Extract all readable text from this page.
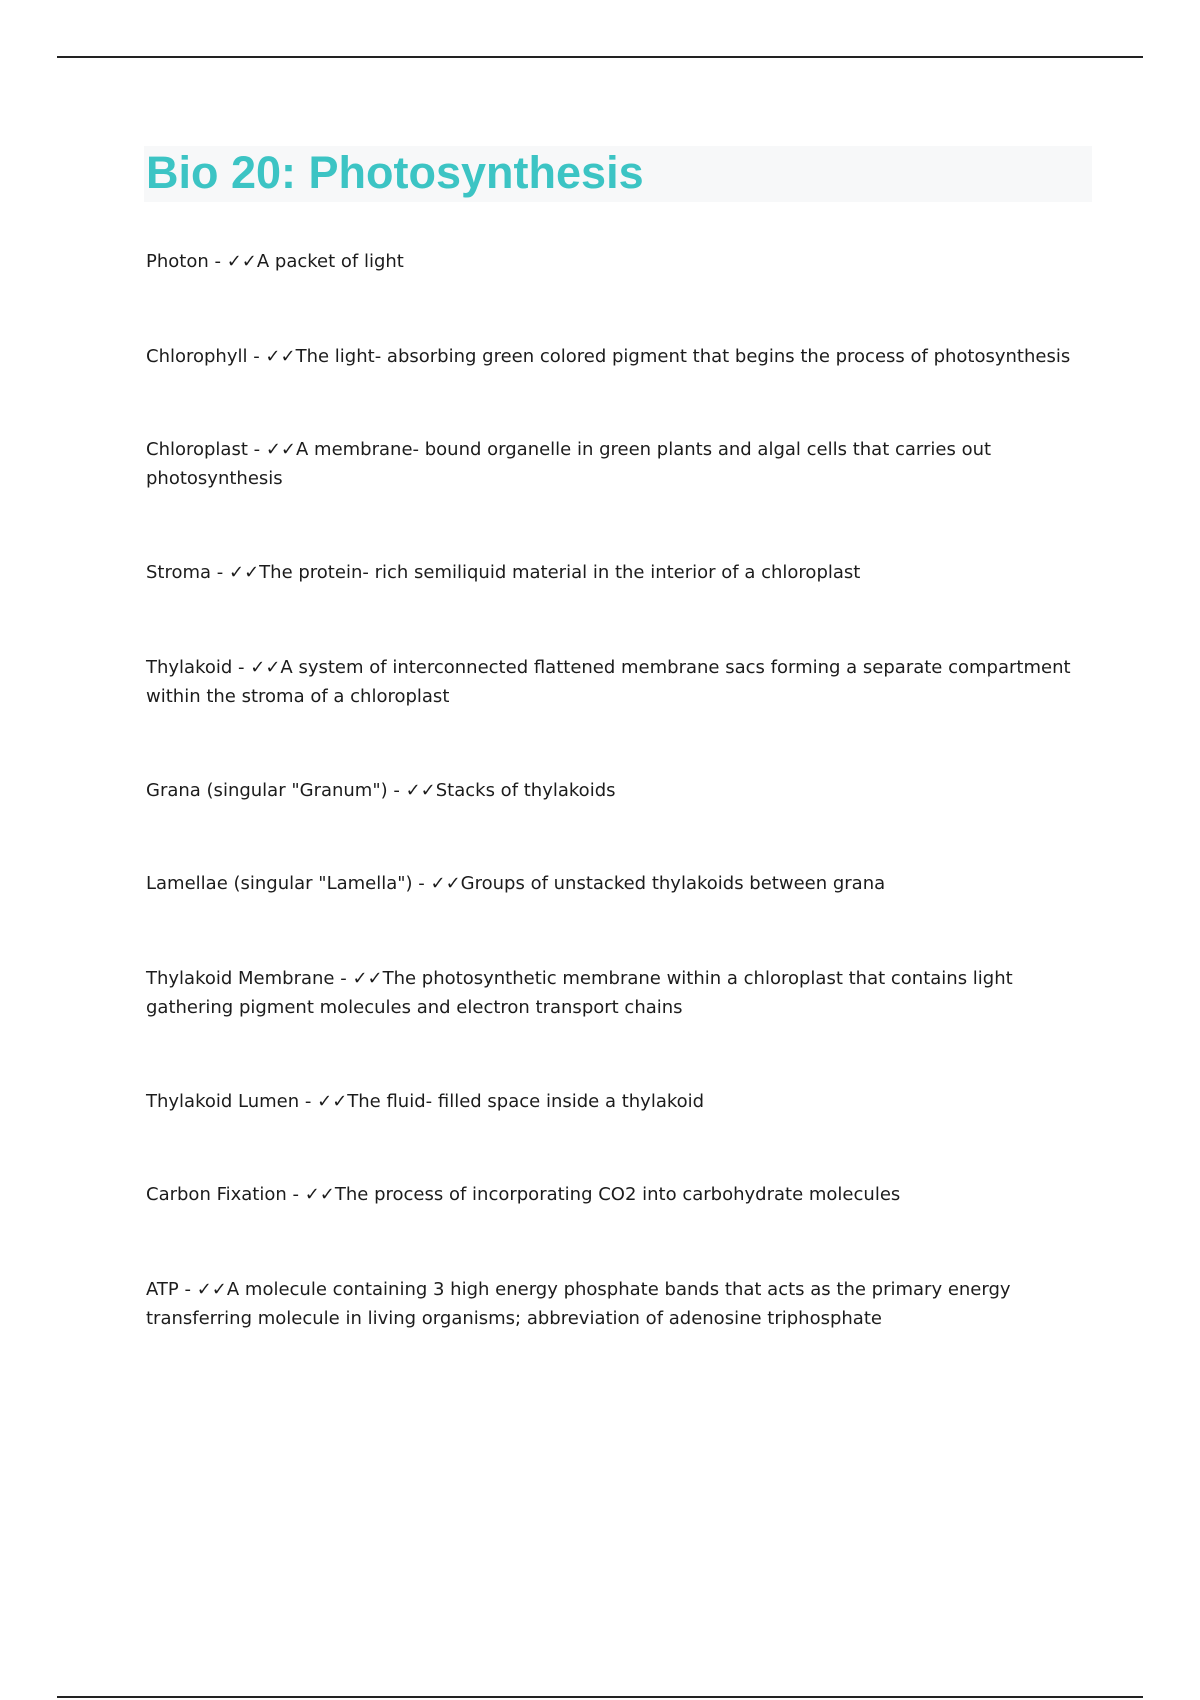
Bio 20: Photosynthesis

Photon - ✓✓A packet of light

Chlorophyll - ✓✓The light- absorbing green colored pigment that begins the process of photosynthesis

Chloroplast - ✓✓A membrane- bound organelle in green plants and algal cells that carries out photosynthesis

Stroma - ✓✓The protein- rich semiliquid material in the interior of a chloroplast

Thylakoid - ✓✓A system of interconnected flattened membrane sacs forming a separate compartment within the stroma of a chloroplast

Grana (singular "Granum") - ✓✓Stacks of thylakoids

Lamellae (singular "Lamella") - ✓✓Groups of unstacked thylakoids between grana

Thylakoid Membrane - ✓✓The photosynthetic membrane within a chloroplast that contains light gathering pigment molecules and electron transport chains

Thylakoid Lumen - ✓✓The fluid- filled space inside a thylakoid

Carbon Fixation - ✓✓The process of incorporating CO2 into carbohydrate molecules

ATP - ✓✓A molecule containing 3 high energy phosphate bands that acts as the primary energy transferring molecule in living organisms; abbreviation of adenosine triphosphate
